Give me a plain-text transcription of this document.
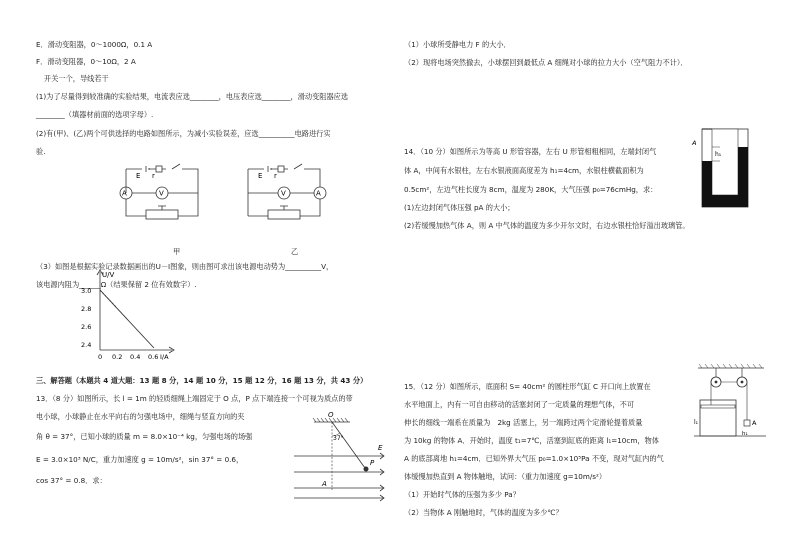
E．滑动变阻器，0～1000Ω，0.1 A
F．滑动变阻器，0～10Ω，2 A
开关一个，导线若干
(1)为了尽量得到较准确的实验结果，电流表应选________，电压表应选________，滑动变阻器应选
________（填器材前面的选项字母）.
(2)有(甲)、(乙)两个可供选择的电路如图所示，为减小实验误差，应选__________电路进行实
验.
A	V
E r
A
V
E r
甲	乙
（3）如图是根据实验记录数据画出的U－I图象，则由图可求出该电源电动势为__________V，
该电源内阻为______Ω（结果保留 2 位有效数字）.
U/V
3.0
2.8
2.6
2.4
0 0.2 0.4 0.6 I/A
三、解答题（本题共 4 道大题：13 题 8 分，14 题 10 分，15 题 12 分，16 题 13 分，共 43 分）
13．（8 分）如图所示，长 l = 1m 的轻质细绳上端固定于 O 点，P 点下端连接一个可视为质点的带
电小球，小球静止在水平向右的匀强电场中，细绳与竖直方向的夹
角 θ = 37°，已知小球的质量 m = 8.0×10⁻⁴ kg，匀强电场的场强
E = 3.0×10³ N/C，重力加速度 g = 10m/s²，sin 37° = 0.6，
cos 37° = 0.8．求：
O
37°
P
E
A
（1）小球所受静电力 F 的大小．
（2）现将电场突然撤去，小球摆回到最低点 A 细绳对小球的拉力大小（空气阻力不计）．
14．（10 分）如图所示为等高 U 形管容器，左右 U 形管相粗相同，左端封闭气
体 A，中间有水银柱，左右水银液面高度差为 h₁=4cm，水银柱横截面积为
0.5cm²，左边气柱长度为 8cm，温度为 280K，大气压强 p₀=76cmHg，求：
(1)左边封闭气体压强 pA 的大小；
(2)若缓慢加热气体 A，则 A 中气体的温度为多少开尔文时，右边水银柱恰好溢出玻璃管。
A
h₁
15．（12 分）如图所示，底面积 S= 40cm² 的圆柱形气缸 C 开口向上放置在
水平地面上，内有一可自由移动的活塞封闭了一定质量的理想气体，不可
伸长的细线一端系在质量为　2kg 活塞上，另一端跨过两个定滑轮提着质量
为 10kg 的物体 A．开始时，温度 t₁=7℃，活塞到缸底的距离 l₁=10cm，物体
A 的底部离地 h₁=4cm．已知外界大气压 p₀=1.0×10⁵Pa 不变，现对气缸内的气
体缓慢加热直到 A 物体触地，试问：（重力加速度 g=10m/s²）
（1）开始时气体的压强为多少 Pa？
（2）当物体 A 刚触地时，气体的温度为多少℃？
A
l₁
h₁
